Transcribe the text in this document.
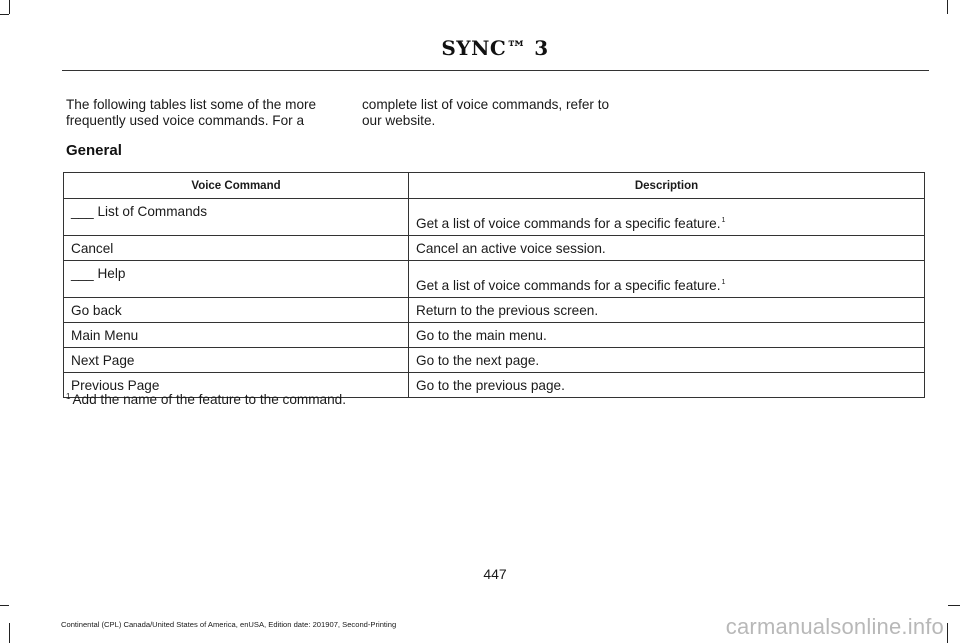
SYNC™ 3
The following tables list some of the more frequently used voice commands. For a
complete list of voice commands, refer to our website.
General
Voice Command	Description
___ List of Commands	Get a list of voice commands for a specific feature.$^1$
Cancel	Cancel an active voice session.
___ Help	Get a list of voice commands for a specific feature.$^1$
Go back	Return to the previous screen.
Main Menu	Go to the main menu.
Next Page	Go to the next page.
Previous Page	Go to the previous page.
$^1$ Add the name of the feature to the command.
447
Continental (CPL) Canada/United States of America, enUSA, Edition date: 201907, Second-Printing	carmanualsonline.info
